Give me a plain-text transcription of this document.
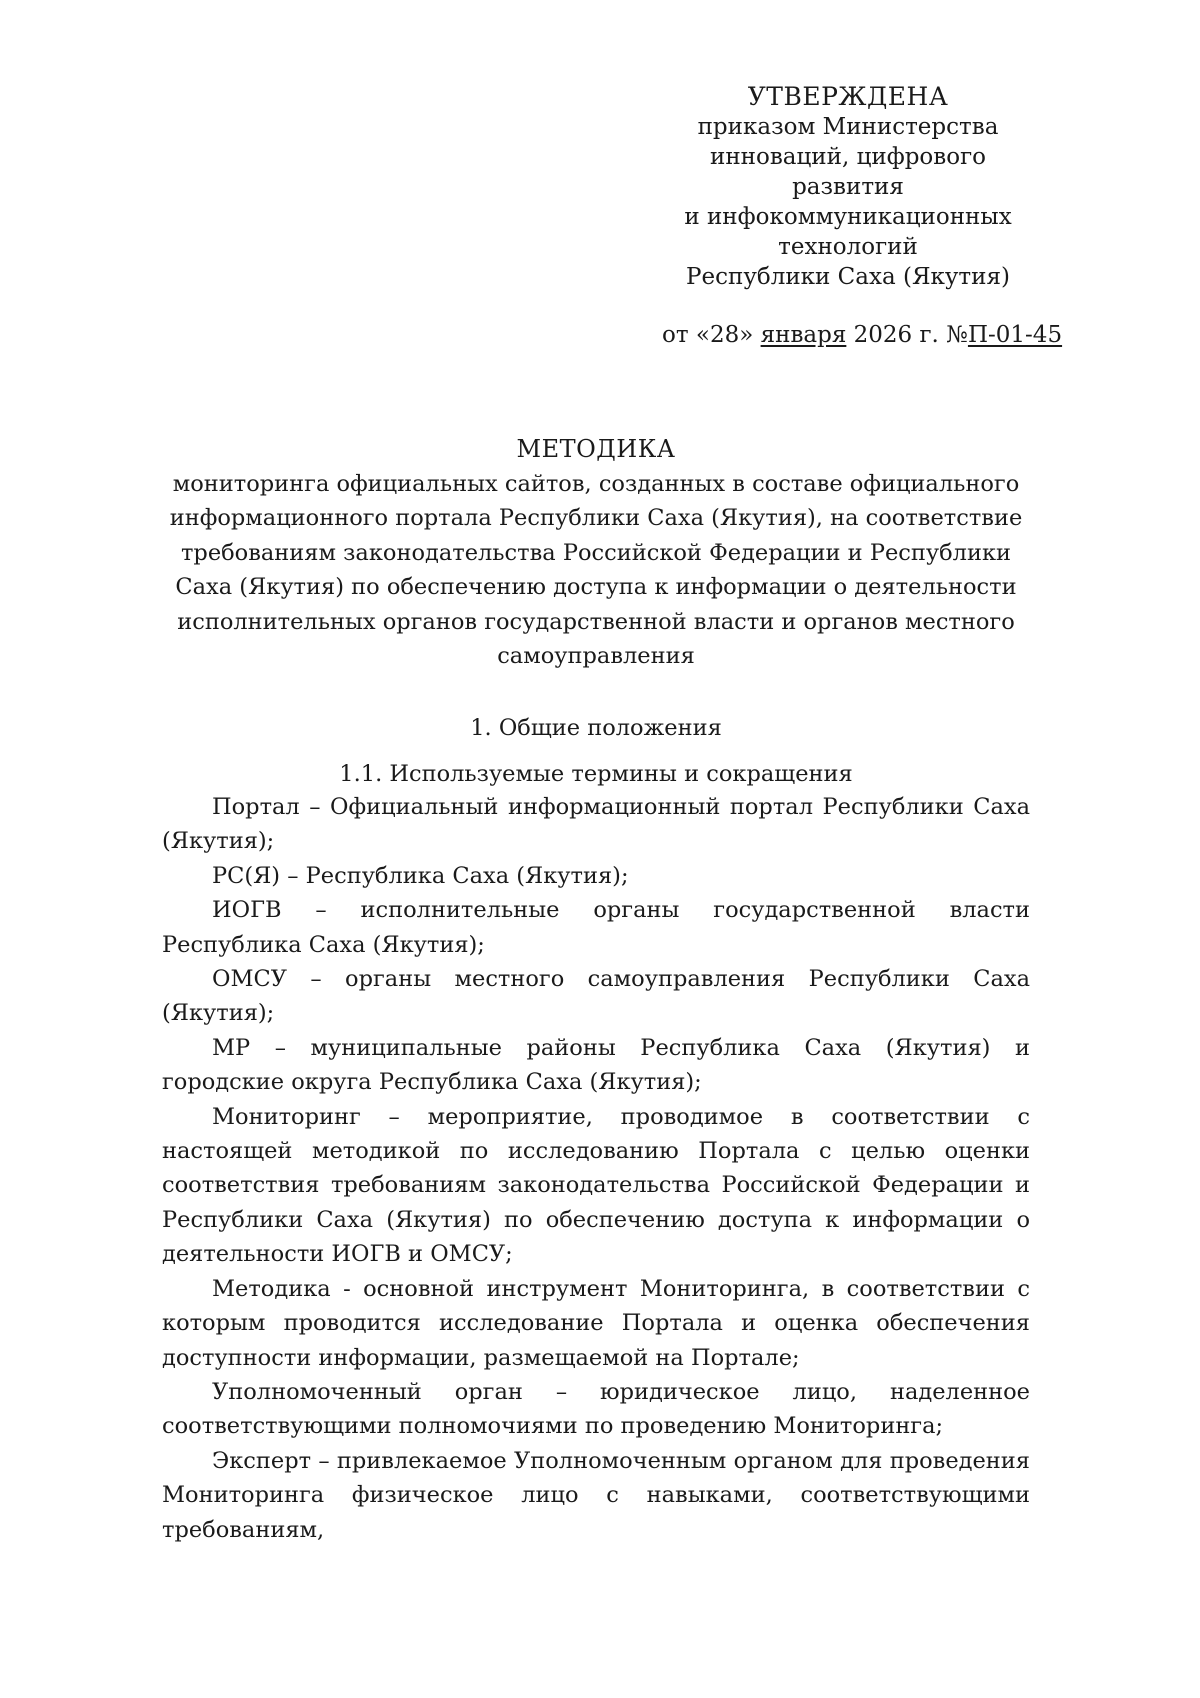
УТВЕРЖДЕНА
приказом Министерства
инноваций, цифрового развития
и инфокоммуникационных
технологий
Республики Саха (Якутия)
от «28» января 2026 г. №П-01-45
МЕТОДИКА
мониторинга официальных сайтов, созданных в составе официального
информационного портала Республики Саха (Якутия), на соответствие
требованиям законодательства Российской Федерации и Республики
Саха (Якутия) по обеспечению доступа к информации о деятельности
исполнительных органов государственной власти и органов местного
самоуправления
1. Общие положения
1.1. Используемые термины и сокращения

Портал – Официальный информационный портал Республики Саха (Якутия);

РС(Я) – Республика Саха (Якутия);

ИОГВ – исполнительные органы государственной власти Республика Саха (Якутия);

ОМСУ – органы местного самоуправления Республики Саха (Якутия);

МР – муниципальные районы Республика Саха (Якутия) и городские округа Республика Саха (Якутия);

Мониторинг – мероприятие, проводимое в соответствии с настоящей методикой по исследованию Портала с целью оценки соответствия требованиям законодательства Российской Федерации и Республики Саха (Якутия) по обеспечению доступа к информации о деятельности ИОГВ и ОМСУ;

Методика - основной инструмент Мониторинга, в соответствии с которым проводится исследование Портала и оценка обеспечения доступности информации, размещаемой на Портале;

Уполномоченный орган – юридическое лицо, наделенное соответствующими полномочиями по проведению Мониторинга;

Эксперт – привлекаемое Уполномоченным органом для проведения Мониторинга физическое лицо с навыками, соответствующими требованиям,
